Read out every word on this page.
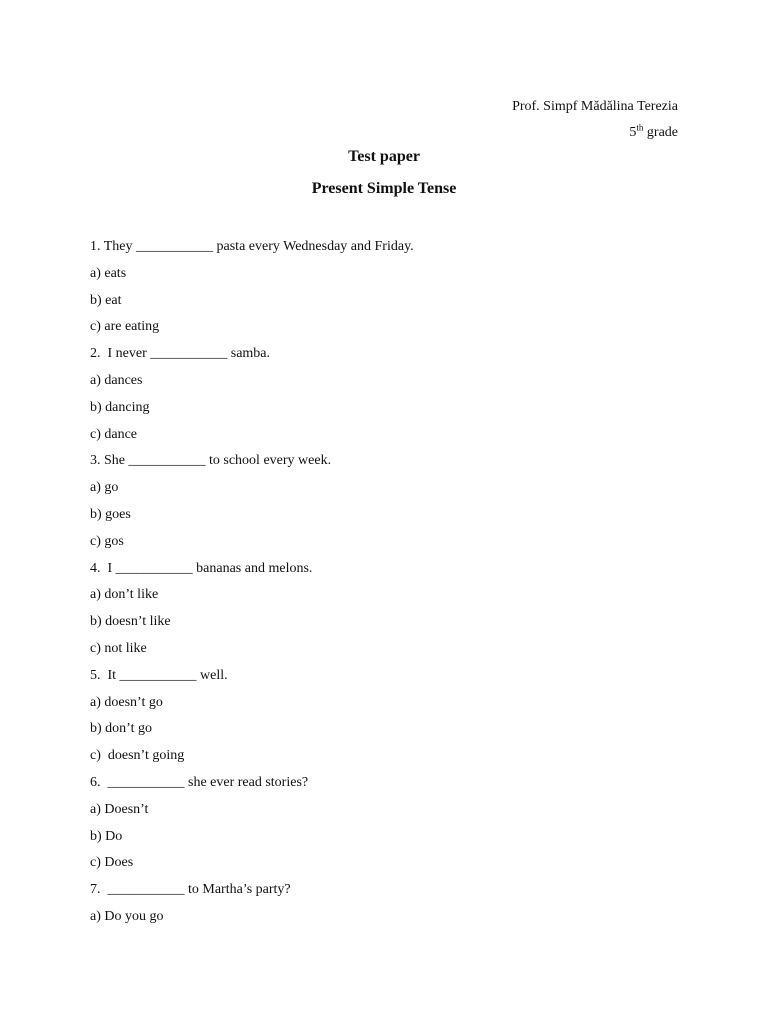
Prof. Simpf Mădălina Terezia
5th grade
Test paper
Present Simple Tense
1. They ___________ pasta every Wednesday and Friday.
a) eats
b) eat
c) are eating
2.  I never ___________ samba.
a) dances
b) dancing
c) dance
3. She ___________ to school every week.
a) go
b) goes
c) gos
4.  I ___________ bananas and melons.
a) don’t like
b) doesn’t like
c) not like
5.  It ___________ well.
a) doesn’t go
b) don’t go
c)  doesn’t going
6.  ___________ she ever read stories?
a) Doesn’t
b) Do
c) Does
7.  ___________ to Martha’s party?
a) Do you go
